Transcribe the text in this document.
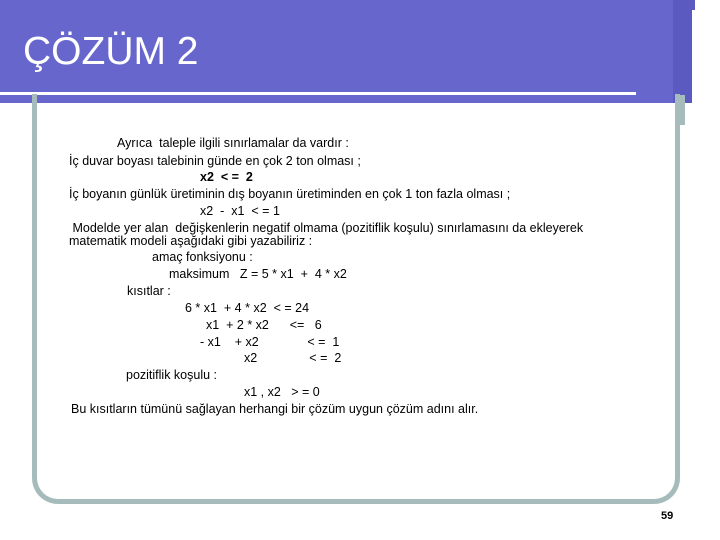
ÇÖZÜM 2
Ayrıca  taleple ilgili sınırlamalar da vardır :
İç duvar boyası talebinin günde en çok 2 ton olması ;
x2  < =  2
İç boyanın günlük üretiminin dış boyanın üretiminden en çok 1 ton fazla olması ;
x2  -  x1  < = 1
Modelde yer alan  değişkenlerin negatif olmama (pozitiflik koşulu) sınırlamasını da ekleyerek
matematik modeli aşağıdaki gibi yazabiliriz :
amaç fonksiyonu :
maksimum   Z = 5 * x1  +  4 * x2
kısıtlar :
6 * x1  + 4 * x2  < = 24
x1  + 2 * x2      <=   6
- x1    + x2              < =  1
x2               < =  2
pozitiflik koşulu :
x1 , x2   > = 0
Bu kısıtların tümünü sağlayan herhangi bir çözüm uygun çözüm adını alır.
59
